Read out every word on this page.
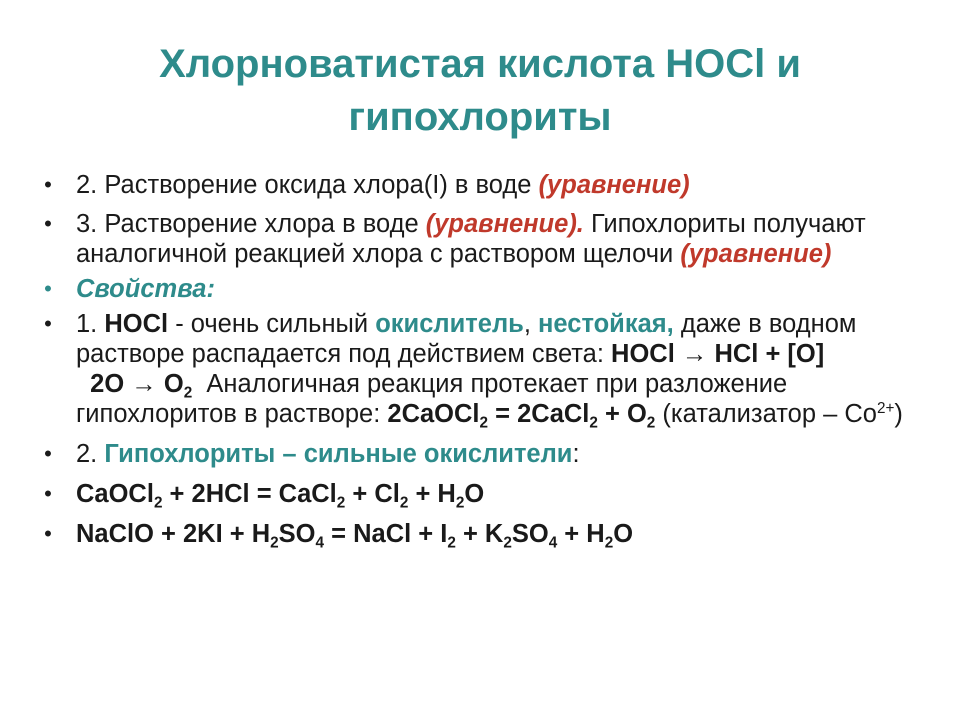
Хлорноватистая кислота HOCl и
гипохлориты
• 2. Растворение оксида хлора(I) в воде (уравнение)
• 3. Растворение хлора в воде (уравнение). Гипохлориты получают аналогичной реакцией хлора с раствором щелочи (уравнение)
• Свойства:
• 1. HOCl - очень сильный окислитель, нестойкая, даже в водном растворе распадается под действием света: HOCl → HCl + [O]  $2O \to O_2$  Аналогичная реакция протекает при разложение гипохлоритов в растворе: 2CaOCl$_2$ = 2CaCl$_2$ + $O_2$ (катализатор – $Co^{2+}$)
• 2. Гипохлориты – сильные окислители:
• CaOCl$_2$ + 2HCl = CaCl$_2$ + $Cl_2 + H_2O$
• NaClO + $2KI + H_2SO_4$ = NaCl + $I_2 + K_2SO_4 + H_2O$
